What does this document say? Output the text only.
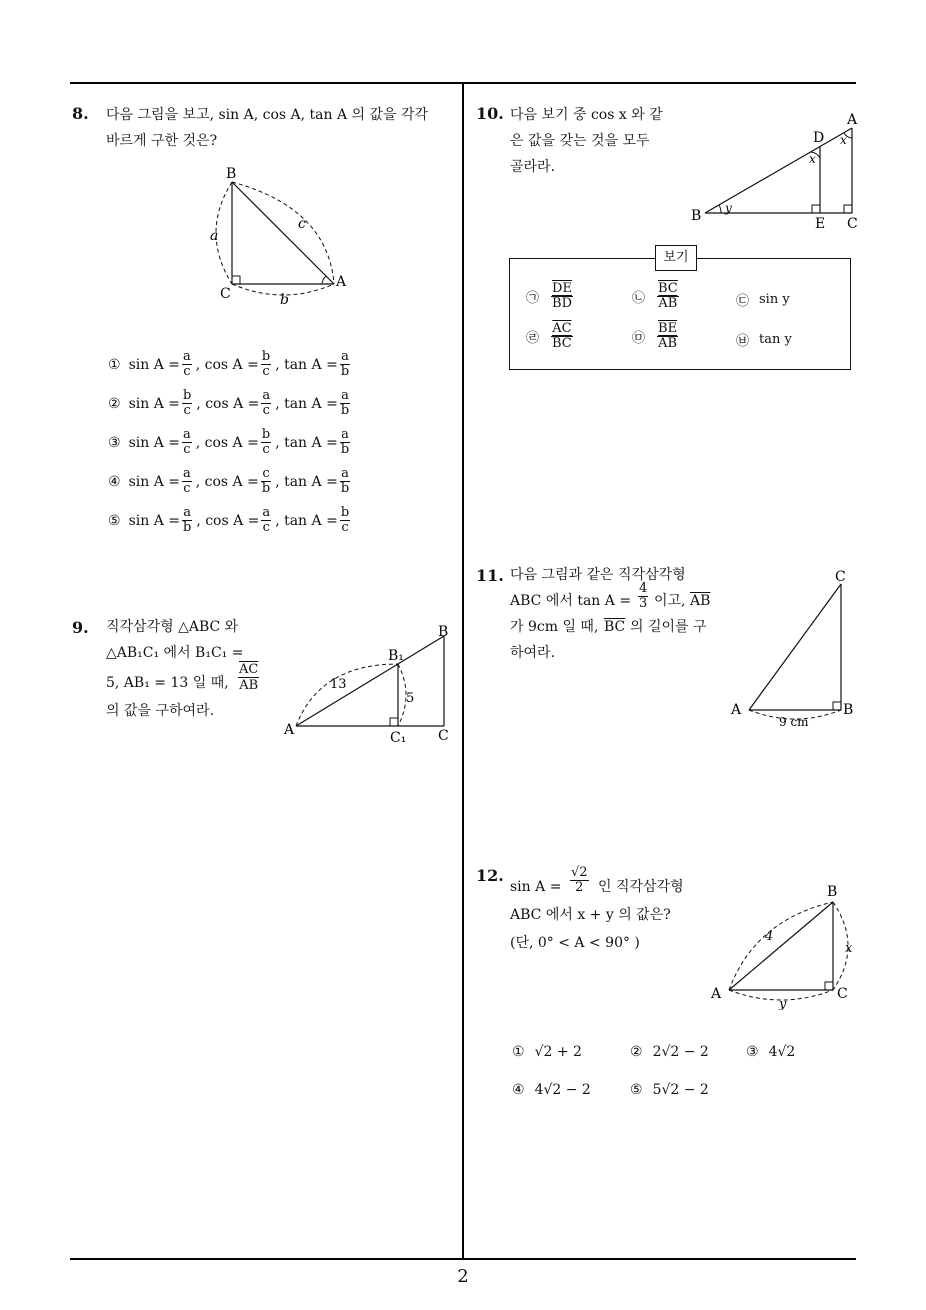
2
8. 다음 그림을 보고, sin A, cos A, tan A 의 값을 각각
바르게 구한 것은?
B
C
A
a
b
c
① $\sin A = \frac{a}{c}$ , $\cos A = \frac{b}{c}$ , $\tan A = \frac{a}{b}$
② $\sin A = \frac{b}{c}$ , $\cos A = \frac{a}{c}$ , $\tan A = \frac{a}{b}$
③ $\sin A = \frac{a}{c}$ , $\cos A = \frac{b}{c}$ , $\tan A = \frac{a}{b}$
④ $\sin A = \frac{a}{c}$ , $\cos A = \frac{c}{b}$ , $\tan A = \frac{a}{b}$
⑤ $\sin A = \frac{a}{b}$ , $\cos A = \frac{a}{c}$ , $\tan A = \frac{b}{c}$
9. 직각삼각형 △ABC 와
△AB₁C₁ 에서 B₁C₁ =
5, AB₁ = 13 일 때, $\frac{\overline{AC}}{AB}$
의 값을 구하여라.
A
B
C
B₁
C₁
13
5
10. 다음 보기 중 cos x 와 같
은 값을 갖는 것을 모두
골라라.
A
D
B	E C
x
x
y
보기
㉠ $\frac{\overline{DE}}{BD}$	㉡ $\frac{\overline{BC}}{AB}$	㉢ sin y
㉣ $\frac{\overline{AC}}{BC}$	㉤ $\frac{\overline{BE}}{AB}$	㉥ tan y
11. 다음 그림과 같은 직각삼각형
ABC 에서 $\tan A = \frac{4}{3}$ 이고, $\overline{AB}$
가 9cm 일 때, $\overline{BC}$ 의 길이를 구
하여라.
C
A	B
9 cm
12.
$\sin A = \frac{√2}{2}$ 인 직각삼각형
ABC 에서 x + y 의 값은?
(단, 0° < A < 90° )
B
A	C
4
x
y
① √2 + 2	② 2√2 − 2	③ 4√2
④ 4√2 − 2	⑤ 5√2 − 2
